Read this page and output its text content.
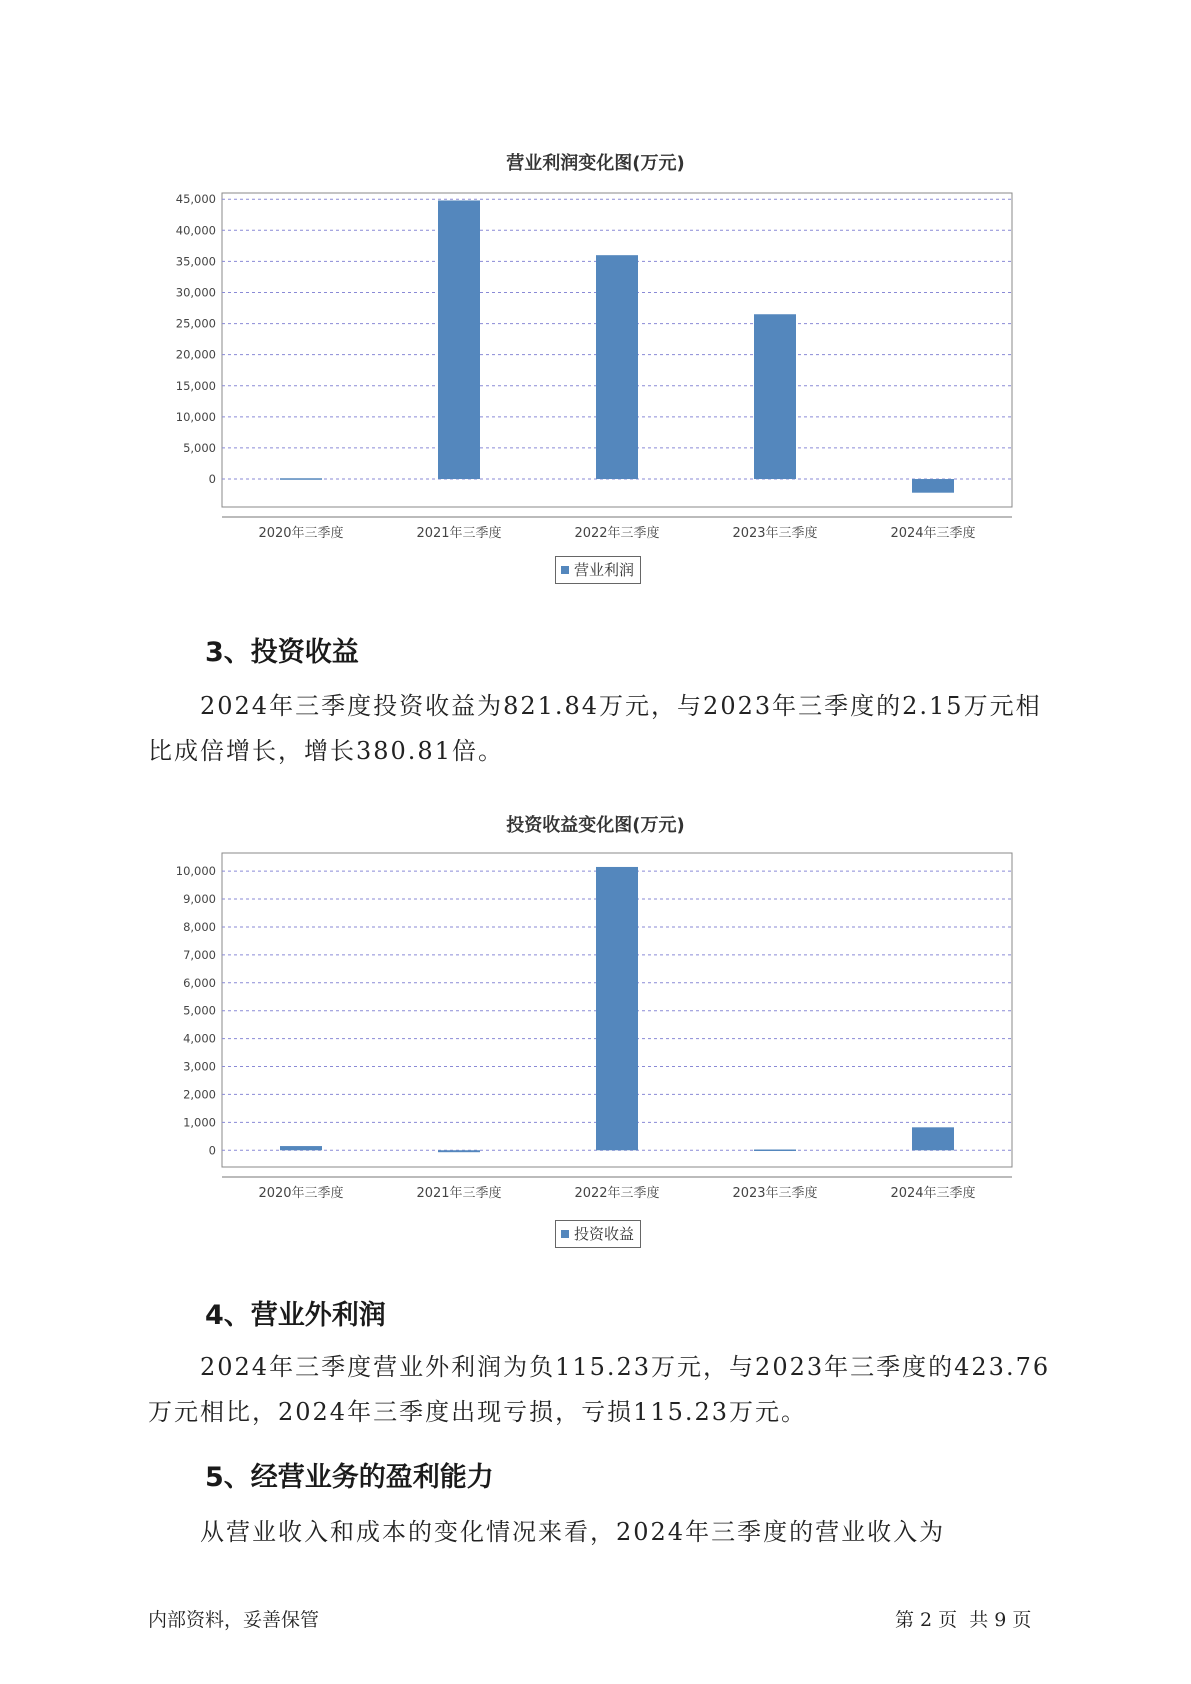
营业利润变化图(万元)
45,000
40,000
35,000
30,000
25,000
20,000
15,000
10,000
5,000
0
2020年三季度	2021年三季度	2022年三季度	2023年三季度	2024年三季度
营业利润
3、投资收益

2024年三季度投资收益为821.84万元，与2023年三季度的2.15万元相比成倍增长，增长380.81倍。

投资收益变化图(万元)
10,000
9,000
8,000
7,000
6,000
5,000
4,000
3,000
2,000
1,000
0
2020年三季度	2021年三季度	2022年三季度	2023年三季度	2024年三季度
投资收益
4、营业外利润

2024年三季度营业外利润为负115.23万元，与2023年三季度的423.76万元相比，2024年三季度出现亏损，亏损115.23万元。

5、经营业务的盈利能力

从营业收入和成本的变化情况来看，2024年三季度的营业收入为

内部资料，妥善保管	第 2 页  共 9 页
